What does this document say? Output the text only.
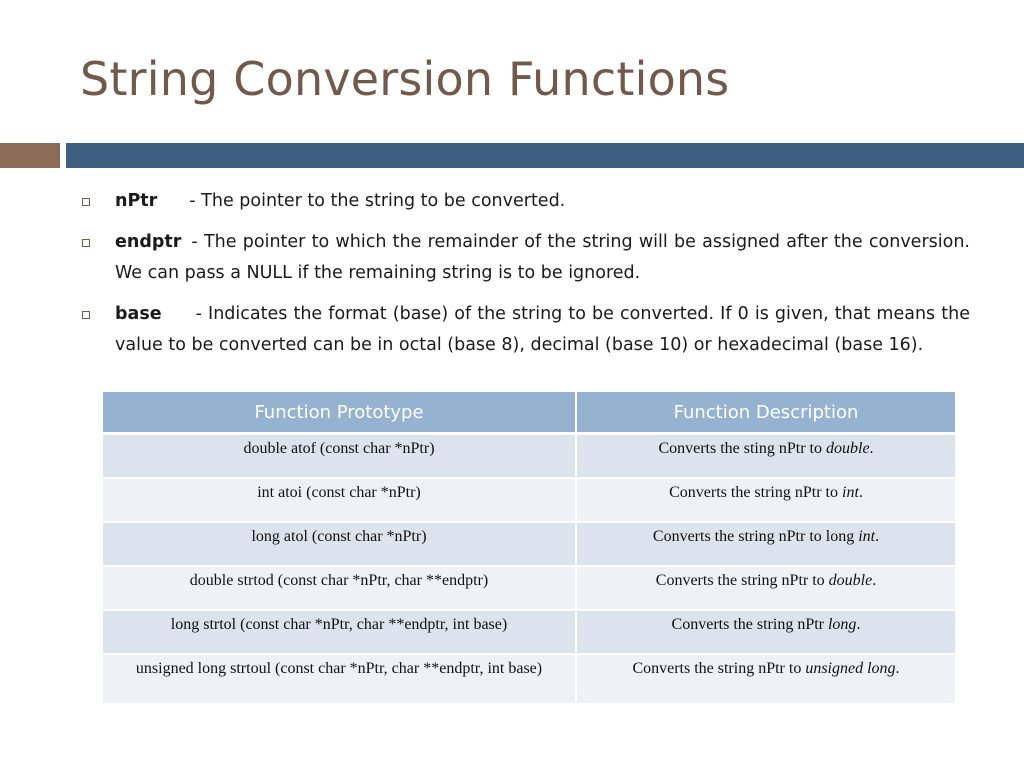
String Conversion Functions

nPtr - The pointer to the string to be converted.

endptr - The pointer to which the remainder of the string will be assigned after the conversion. We can pass a NULL if the remaining string is to be ignored.

base - Indicates the format (base) of the string to be converted. If 0 is given, that means the value to be converted can be in octal (base 8), decimal (base 10) or hexadecimal (base 16).

Function Prototype	Function Description
double atof (const char *nPtr)	Converts the sting nPtr to double.
int atoi (const char *nPtr)	Converts the string nPtr to int.
long atol (const char *nPtr)	Converts the string nPtr to long int.
double strtod (const char *nPtr, char **endptr)	Converts the string nPtr to double.
long strtol (const char *nPtr, char **endptr, int base)	Converts the string nPtr long.
unsigned long strtoul (const char *nPtr, char **endptr, int base)	Converts the string nPtr to unsigned long.
